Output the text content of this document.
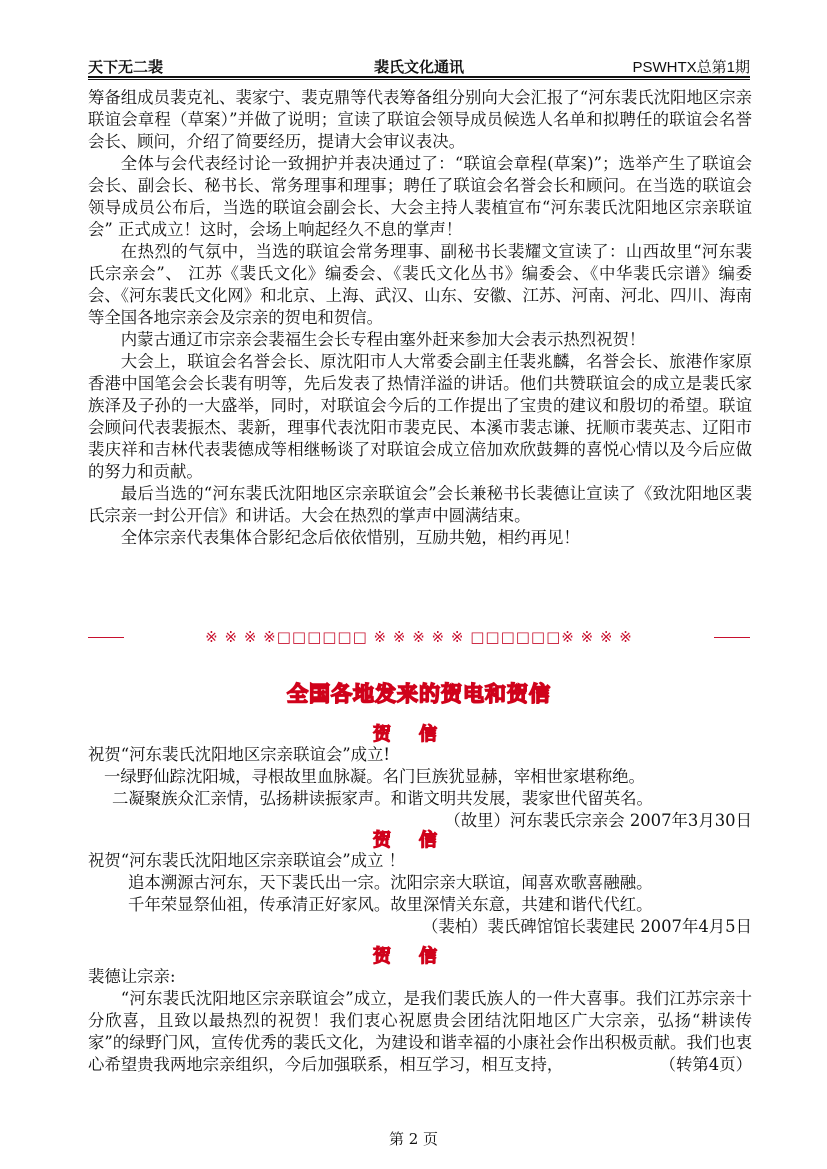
天下无二裴	裴氏文化通讯	PSWHTX总第1期

筹备组成员裴克礼、裴家宁、裴克鼎等代表筹备组分别向大会汇报了“河东裴氏沈阳地区宗亲联谊会章程（草案）”并做了说明；宣读了联谊会领导成员候选人名单和拟聘任的联谊会名誉会长、顾问，介绍了简要经历，提请大会审议表决。

全体与会代表经讨论一致拥护并表决通过了：“联谊会章程(草案)”；选举产生了联谊会会长、副会长、秘书长、常务理事和理事；聘任了联谊会名誉会长和顾问。在当选的联谊会领导成员公布后，当选的联谊会副会长、大会主持人裴植宣布“河东裴氏沈阳地区宗亲联谊会” 正式成立！这时，会场上响起经久不息的掌声！

在热烈的气氛中，当选的联谊会常务理事、副秘书长裴耀文宣读了：山西故里“河东裴氏宗亲会”、 江苏《裴氏文化》编委会、《裴氏文化丛书》编委会、《中华裴氏宗谱》编委会、《河东裴氏文化网》和北京、上海、武汉、山东、安徽、江苏、河南、河北、四川、海南等全国各地宗亲会及宗亲的贺电和贺信。

内蒙古通辽市宗亲会裴福生会长专程由塞外赶来参加大会表示热烈祝贺！

大会上，联谊会名誉会长、原沈阳市人大常委会副主任裴兆麟，名誉会长、旅港作家原香港中国笔会会长裴有明等，先后发表了热情洋溢的讲话。他们共赞联谊会的成立是裴氏家族泽及子孙的一大盛举，同时，对联谊会今后的工作提出了宝贵的建议和殷切的希望。联谊会顾问代表裴振杰、裴新，理事代表沈阳市裴克民、本溪市裴志谦、抚顺市裴英志、辽阳市裴庆祥和吉林代表裴德成等相继畅谈了对联谊会成立倍加欢欣鼓舞的喜悦心情以及今后应做的努力和贡献。

最后当选的“河东裴氏沈阳地区宗亲联谊会”会长兼秘书长裴德让宣读了《致沈阳地区裴氏宗亲一封公开信》和讲话。大会在热烈的掌声中圆满结束。

全体宗亲代表集体合影纪念后依依惜别，互励共勉，相约再见！

※ ※ ※ ※□□□□□□ ※ ※ ※ ※ ※ □□□□□□※ ※ ※ ※
全国各地发来的贺电和贺信
贺信
祝贺“河东裴氏沈阳地区宗亲联谊会”成立!
一绿野仙踪沈阳城，寻根故里血脉凝。名门巨族犹显赫，宰相世家堪称绝。
二凝聚族众汇亲情，弘扬耕读振家声。和谐文明共发展，裴家世代留英名。
（故里）河东裴氏宗亲会 2007年3月30日
贺信
祝贺“河东裴氏沈阳地区宗亲联谊会”成立 ！
追本溯源古河东，天下裴氏出一宗。沈阳宗亲大联谊，闻喜欢歌喜融融。
千年荣显祭仙祖，传承清正好家风。故里深情关东意，共建和谐代代红。
（裴柏）裴氏碑馆馆长裴建民 2007年4月5日
贺信
裴德让宗亲:

“河东裴氏沈阳地区宗亲联谊会”成立，是我们裴氏族人的一件大喜事。我们江苏宗亲十分欣喜，且致以最热烈的祝贺！我们衷心祝愿贵会团结沈阳地区广大宗亲，弘扬“耕读传家”的绿野门风，宣传优秀的裴氏文化，为建设和谐幸福的小康社会作出积极贡献。我们也衷心希望贵我两地宗亲组织，今后加强联系，相互学习，相互支持，	（转第4页）

第 2 页
